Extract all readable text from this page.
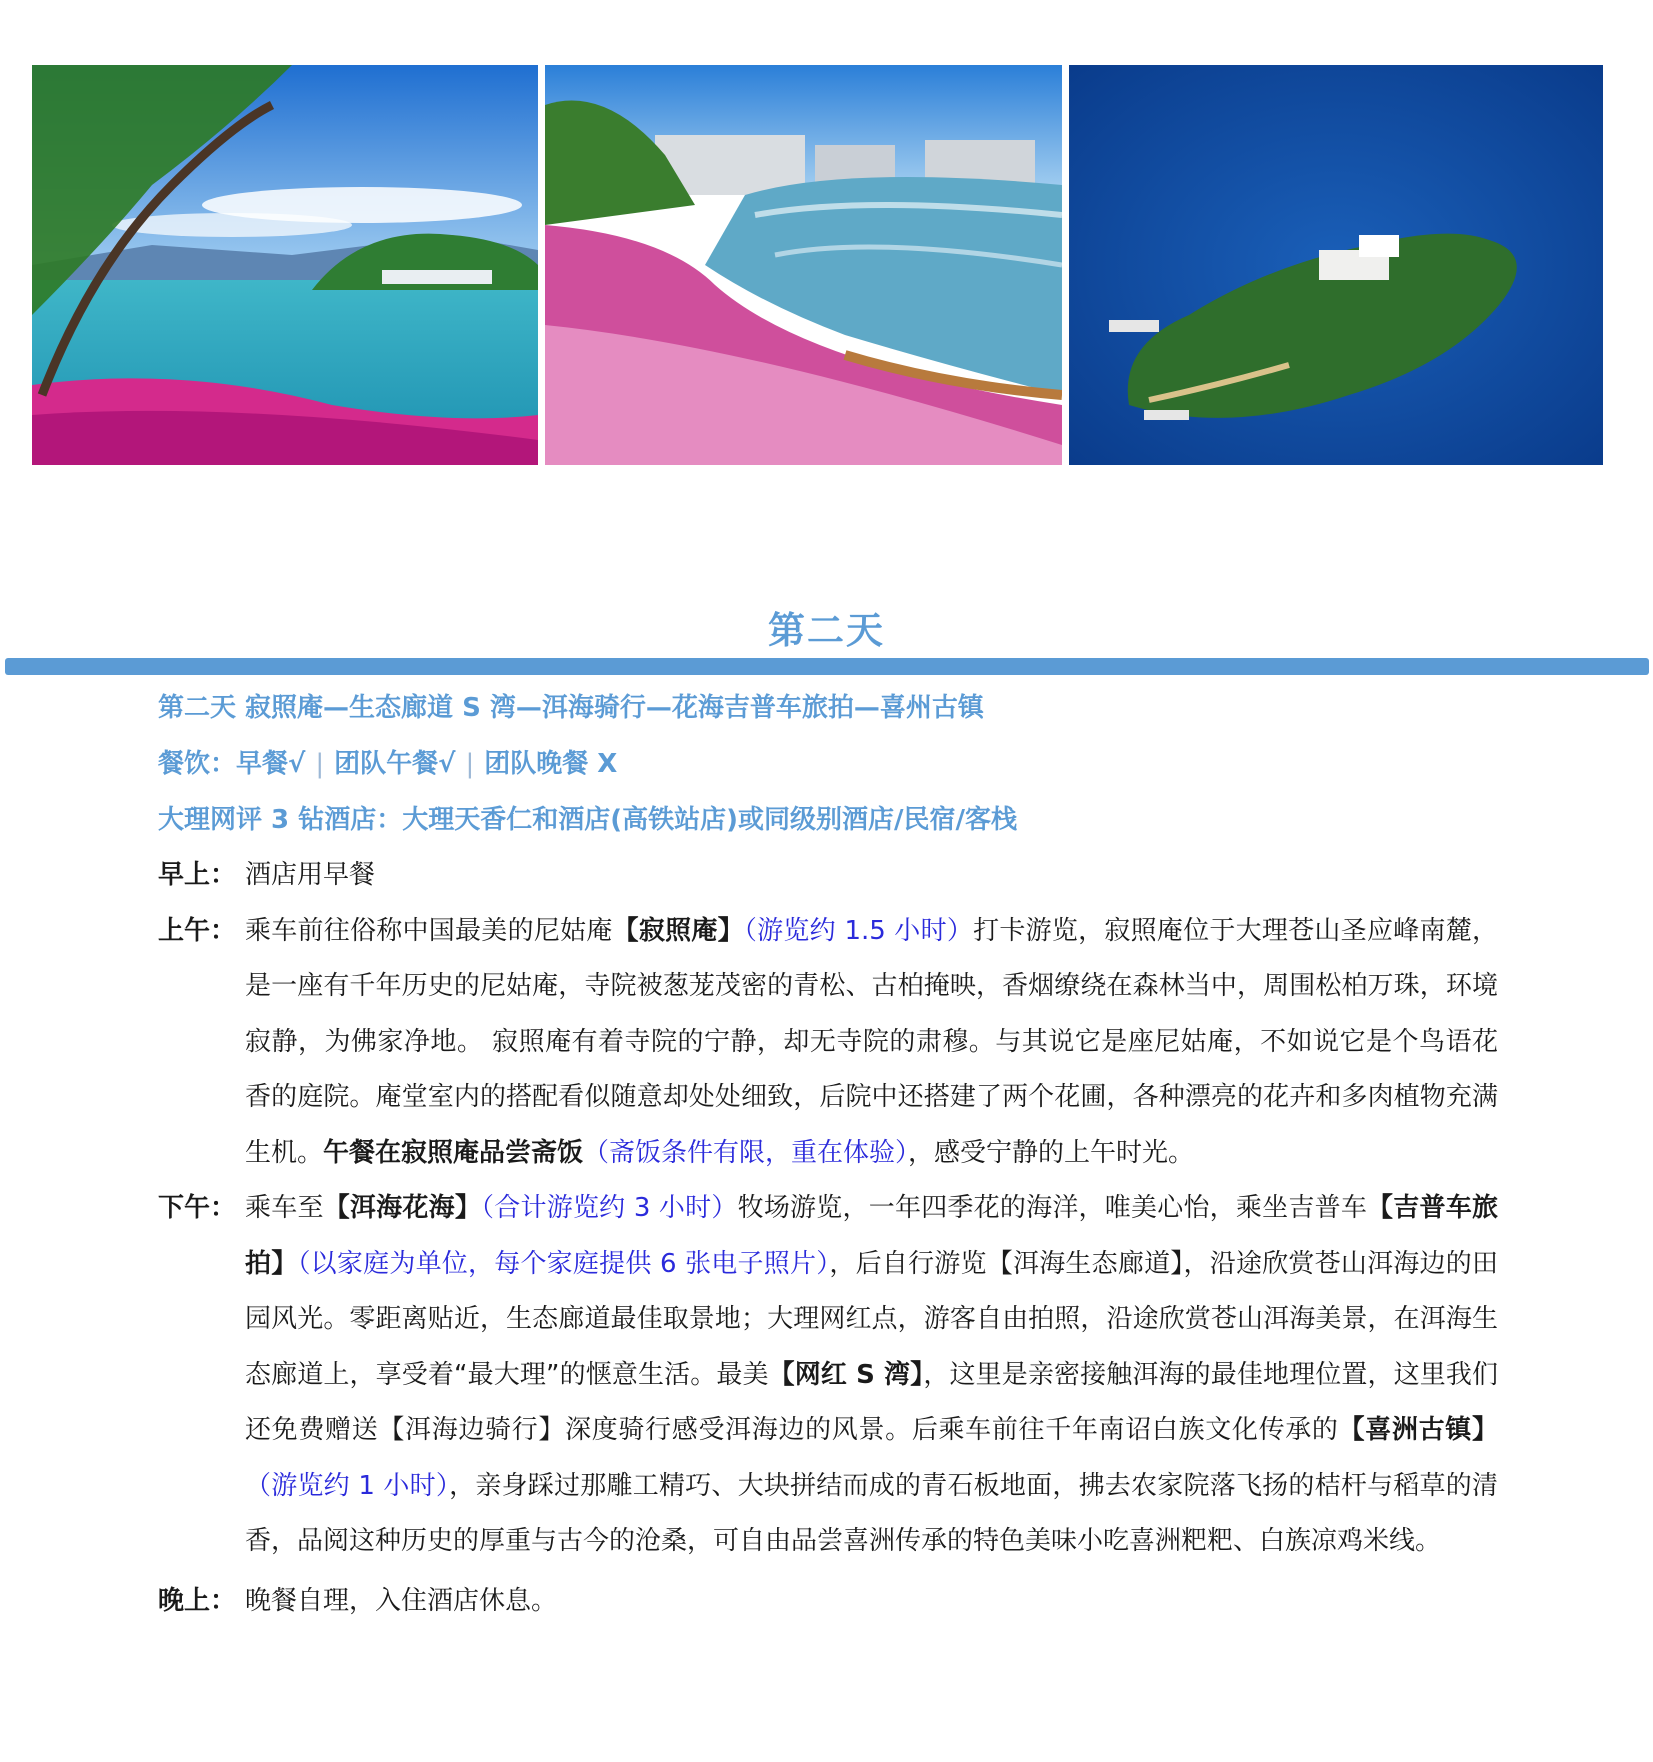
第二天
第二天 寂照庵—生态廊道 S 湾—洱海骑行—花海吉普车旅拍—喜州古镇
餐饮：早餐√ | 团队午餐√ | 团队晚餐 X
大理网评 3 钻酒店：大理天香仁和酒店(高铁站店)或同级别酒店/民宿/客栈
早上： 酒店用早餐
上午： 乘车前往俗称中国最美的尼姑庵【寂照庵】（游览约 1.5 小时）打卡游览，寂照庵位于大理苍山圣应峰南麓，是一座有千年历史的尼姑庵，寺院被葱茏茂密的青松、古柏掩映，香烟缭绕在森林当中，周围松柏万珠，环境寂静，为佛家净地。 寂照庵有着寺院的宁静，却无寺院的肃穆。与其说它是座尼姑庵，不如说它是个鸟语花香的庭院。庵堂室内的搭配看似随意却处处细致，后院中还搭建了两个花圃，各种漂亮的花卉和多肉植物充满生机。午餐在寂照庵品尝斋饭（斋饭条件有限，重在体验），感受宁静的上午时光。
下午： 乘车至【洱海花海】（合计游览约 3 小时）牧场游览，一年四季花的海洋，唯美心怡，乘坐吉普车【吉普车旅拍】（以家庭为单位，每个家庭提供 6 张电子照片），后自行游览【洱海生态廊道】，沿途欣赏苍山洱海边的田园风光。零距离贴近，生态廊道最佳取景地；大理网红点，游客自由拍照，沿途欣赏苍山洱海美景，在洱海生态廊道上，享受着“最大理”的惬意生活。最美【网红 S 湾】，这里是亲密接触洱海的最佳地理位置，这里我们还免费赠送【洱海边骑行】深度骑行感受洱海边的风景。后乘车前往千年南诏白族文化传承的【喜洲古镇】（游览约 1 小时），亲身踩过那雕工精巧、大块拼结而成的青石板地面，拂去农家院落飞扬的桔杆与稻草的清香，品阅这种历史的厚重与古今的沧桑，可自由品尝喜洲传承的特色美味小吃喜洲粑粑、白族凉鸡米线。
晚上： 晚餐自理，入住酒店休息。
